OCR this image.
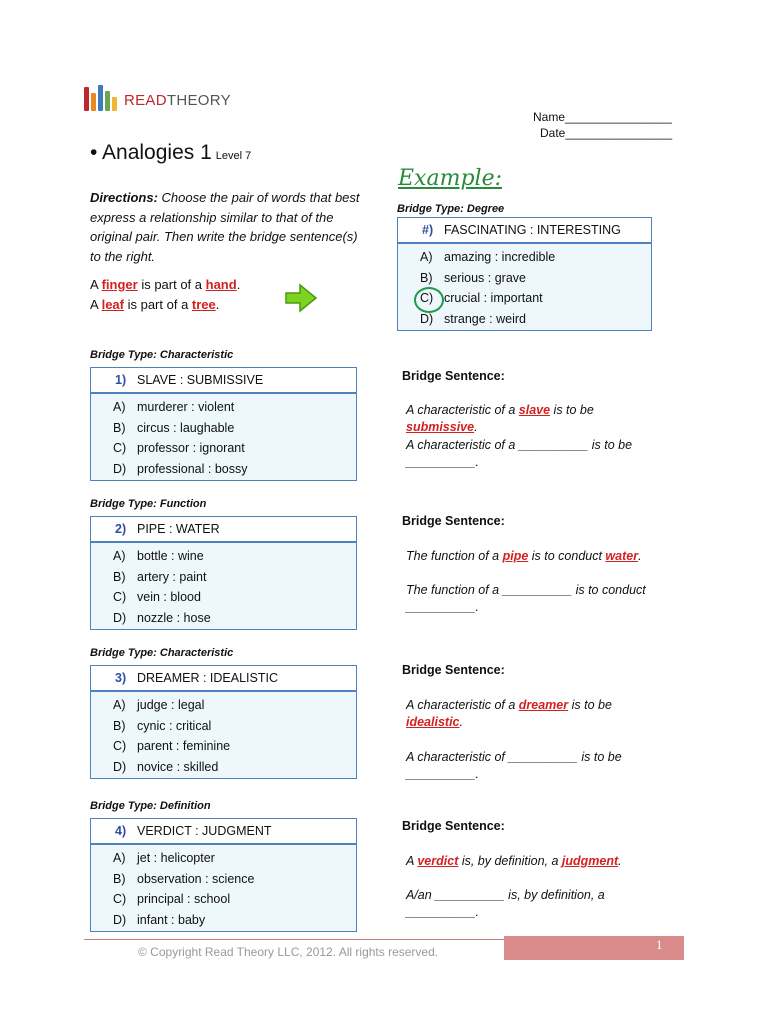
READTHEORY
Name________________
Date________________
• Analogies 1 Level 7
Directions: Choose the pair of words that best express a relationship similar to that of the original pair. Then write the bridge sentence(s) to the right.
A finger is part of a hand.
A leaf is part of a tree.
Example:
Bridge Type: Degree
#) FASCINATING : INTERESTING
A) amazing : incredible
B) serious : grave
C) crucial : important
D) strange : weird
Bridge Type: Characteristic
1) SLAVE : SUBMISSIVE
A) murderer : violent
B) circus : laughable
C) professor : ignorant
D) professional : bossy
Bridge Sentence:
A characteristic of a slave is to be submissive.
A characteristic of a __________ is to be
__________.
Bridge Type: Function
2) PIPE : WATER
A) bottle : wine
B) artery : paint
C) vein : blood
D) nozzle : hose
Bridge Sentence:
The function of a pipe is to conduct water.
The function of a __________ is to conduct
__________.
Bridge Type: Characteristic
3) DREAMER : IDEALISTIC
A) judge : legal
B) cynic : critical
C) parent : feminine
D) novice : skilled
Bridge Sentence:
A characteristic of a dreamer is to be
idealistic.
A characteristic of __________ is to be
__________.
Bridge Type: Definition
4) VERDICT : JUDGMENT
A) jet : helicopter
B) observation : science
C) principal : school
D) infant : baby
Bridge Sentence:
A verdict is, by definition, a judgment.
A/an __________ is, by definition, a
__________.
1
© Copyright Read Theory LLC, 2012. All rights reserved.
